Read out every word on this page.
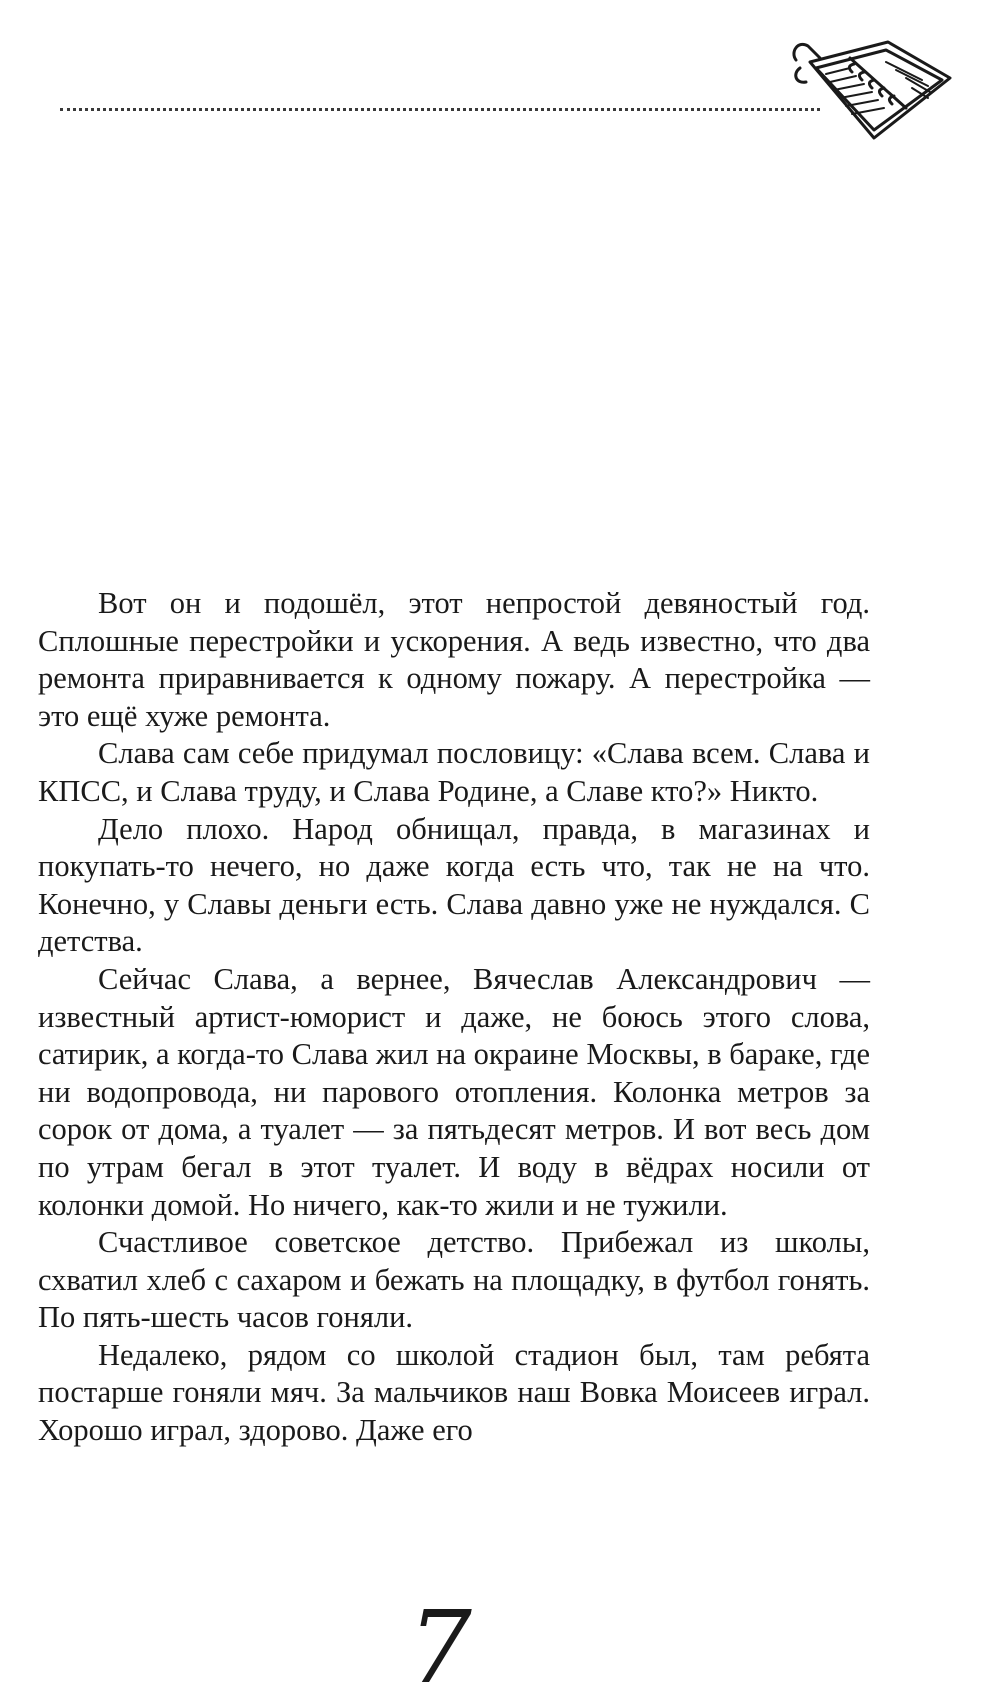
Вот он и подошёл, этот непростой девяностый год. Сплошные перестройки и ускорения. А ведь известно, что два ремонта приравнивается к одному пожару. А перестройка — это ещё хуже ремонта.

Слава сам себе придумал пословицу: «Слава всем. Слава и КПСС, и Слава труду, и Слава Родине, а Славе кто?» Никто.

Дело плохо. Народ обнищал, правда, в магазинах и покупать-то нечего, но даже когда есть что, так не на что. Конечно, у Славы деньги есть. Слава давно уже не нуждался. С детства.

Сейчас Слава, а вернее, Вячеслав Александрович — известный артист-юморист и даже, не боюсь этого слова, сатирик, а когда-то Слава жил на окраине Москвы, в бараке, где ни водопровода, ни парового отопления. Колонка метров за сорок от дома, а туалет — за пятьдесят метров. И вот весь дом по утрам бегал в этот туалет. И воду в вёдрах носили от колонки домой. Но ничего, как-то жили и не тужили.

Счастливое советское детство. Прибежал из школы, схватил хлеб с сахаром и бежать на площадку, в футбол гонять. По пять-шесть часов гоняли.

Недалеко, рядом со школой стадион был, там ребята постарше гоняли мяч. За мальчиков наш Вовка Моисеев играл. Хорошо играл, здорово. Даже его

7
